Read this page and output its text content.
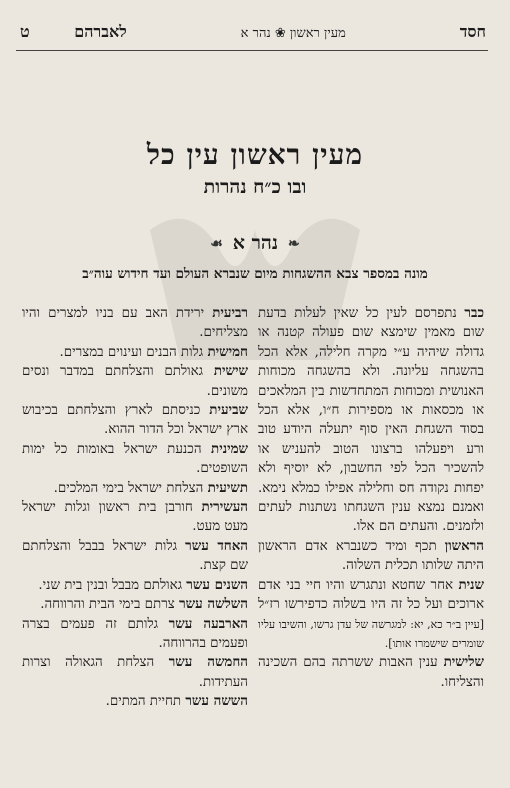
חסד
מעין ראשון ❀ נהר א
לאברהם        ט
מעין ראשון עין כל
ובו כ״ח נהרות
❧
נהר א
☙
מונה במספר צבא ההשגחות מיום שנברא העולם ועד חידוש עוה״ב

כבר נתפרסם לעין כל שאין לעלות בדעת שום מאמין שימצא שום פעולה קטנה או גדולה שיהיה ע״י מקרה חלילה, אלא הכל בהשגחה עליונה. ולא בהשגחה מכוחות האנושית ומכוחות המתחדשות בין המלאכים או מכסאות או מספירות ח״ו, אלא הכל בסוד השגחת האין סוף יתעלה היודע טוב ורע ויפעלהו ברצונו הטוב להעניש או להשכיר הכל לפי החשבון, לא יוסיף ולא יפחות נקודה חס וחלילה אפילו כמלא נימא. ואמנם נמצא ענין השגחתו נשתנות לעתים ולזמנים. והעתים הם אלו.

הראשון תכף ומיד כשנברא אדם הראשון היתה שלותו תכלית השלוה.

שנית אחר שחטא ונתגרש והיו חיי בני אדם ארוכים ועל כל זה היו בשלוה כדפירשו רז״ל [עיין ב״ר כא, יא: למגרשה של עדן גרשו, והשיבו עליו שומרים שישמרו אותו].

שלישית ענין האבות ששרתה בהם השכינה והצליחו.

רביעית ירידת האב עם בניו למצרים והיו מצליחים.

חמישית גלות הבנים ועינוים במצרים.

שישית גאולתם והצלחתם במדבר ונסים משונים.

שביעית כניסתם לארץ והצלחתם בכיבוש ארץ ישראל וכל הדור ההוא.

שמינית הכנעת ישראל באומות כל ימות השופטים.

תשיעית הצלחת ישראל בימי המלכים.

העשירית חורבן בית ראשון וגלות ישראל מעט מעט.

האחד עשר גלות ישראל בבבל והצלחתם שם קצת.

השנים עשר גאולתם מבבל ובנין בית שני.

השלשה עשר צרתם בימי הבית והרווחה.

הארבעה עשר גלותם זה פעמים בצרה ופעמים בהרווחה.

החמשה עשר הצלחת הגאולה וצרות העתידות.

הששה עשר תחיית המתים.
